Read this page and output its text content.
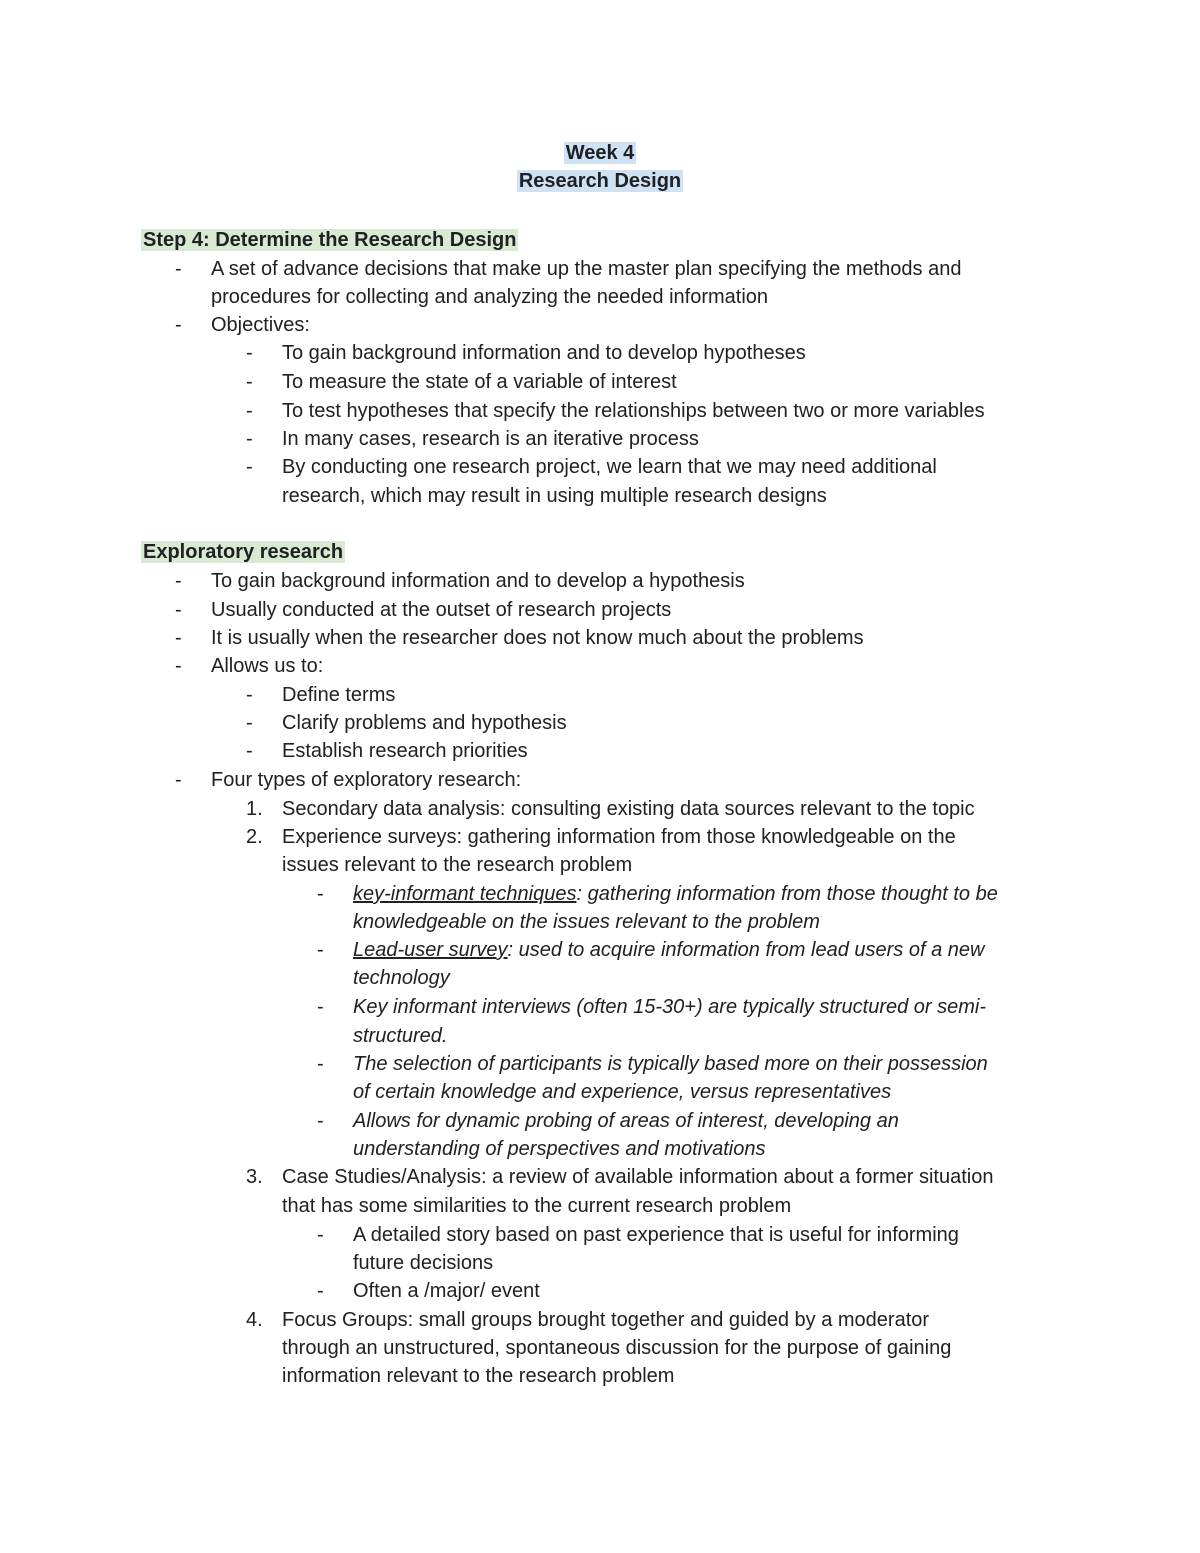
Week 4
Research Design
Step 4: Determine the Research Design
- A set of advance decisions that make up the master plan specifying the methods and
procedures for collecting and analyzing the needed information
- Objectives:
- To gain background information and to develop hypotheses
- To measure the state of a variable of interest
- To test hypotheses that specify the relationships between two or more variables
- In many cases, research is an iterative process
- By conducting one research project, we learn that we may need additional
research, which may result in using multiple research designs
Exploratory research
- To gain background information and to develop a hypothesis
- Usually conducted at the outset of research projects
- It is usually when the researcher does not know much about the problems
- Allows us to:
- Define terms
- Clarify problems and hypothesis
- Establish research priorities
- Four types of exploratory research:
1. Secondary data analysis: consulting existing data sources relevant to the topic
2. Experience surveys: gathering information from those knowledgeable on the
issues relevant to the research problem
- key-informant techniques: gathering information from those thought to be
knowledgeable on the issues relevant to the problem
- Lead-user survey: used to acquire information from lead users of a new
technology
- Key informant interviews (often 15-30+) are typically structured or semi-
structured.
- The selection of participants is typically based more on their possession
of certain knowledge and experience, versus representatives
- Allows for dynamic probing of areas of interest, developing an
understanding of perspectives and motivations
3. Case Studies/Analysis: a review of available information about a former situation
that has some similarities to the current research problem
- A detailed story based on past experience that is useful for informing
future decisions
- Often a /major/ event
4. Focus Groups: small groups brought together and guided by a moderator
through an unstructured, spontaneous discussion for the purpose of gaining
information relevant to the research problem
